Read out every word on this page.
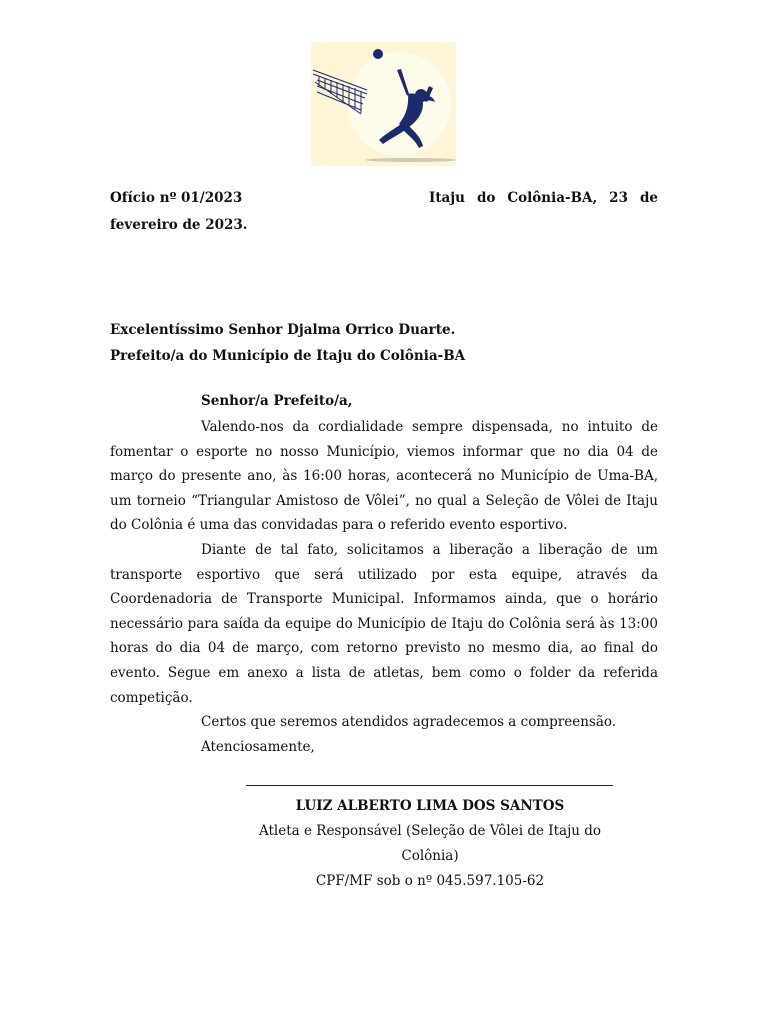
Ofício nº 01/2023	Itaju do Colônia-BA, 23 de
fevereiro de 2023.
Excelentíssimo Senhor Djalma Orrico Duarte.
Prefeito/a do Município de Itaju do Colônia-BA
Senhor/a Prefeito/a,

Valendo-nos da cordialidade sempre dispensada, no intuito de fomentar o esporte no nosso Município, viemos informar que no dia 04 de março do presente ano, às 16:00 horas, acontecerá no Município de Uma-BA, um torneio “Triangular Amistoso de Vôlei”, no qual a Seleção de Vôlei de Itaju do Colônia é uma das convidadas para o referido evento esportivo.

Diante de tal fato, solicitamos a liberação a liberação de um transporte esportivo que será utilizado por esta equipe, através da Coordenadoria de Transporte Municipal. Informamos ainda, que o horário necessário para saída da equipe do Município de Itaju do Colônia será às 13:00 horas do dia 04 de março, com retorno previsto no mesmo dia, ao final do evento. Segue em anexo a lista de atletas, bem como o folder da referida competição.

Certos que seremos atendidos agradecemos a compreensão.

Atenciosamente,

LUIZ ALBERTO LIMA DOS SANTOS
Atleta e Responsável (Seleção de Vôlei de Itaju do Colônia)
CPF/MF sob o nº 045.597.105-62
